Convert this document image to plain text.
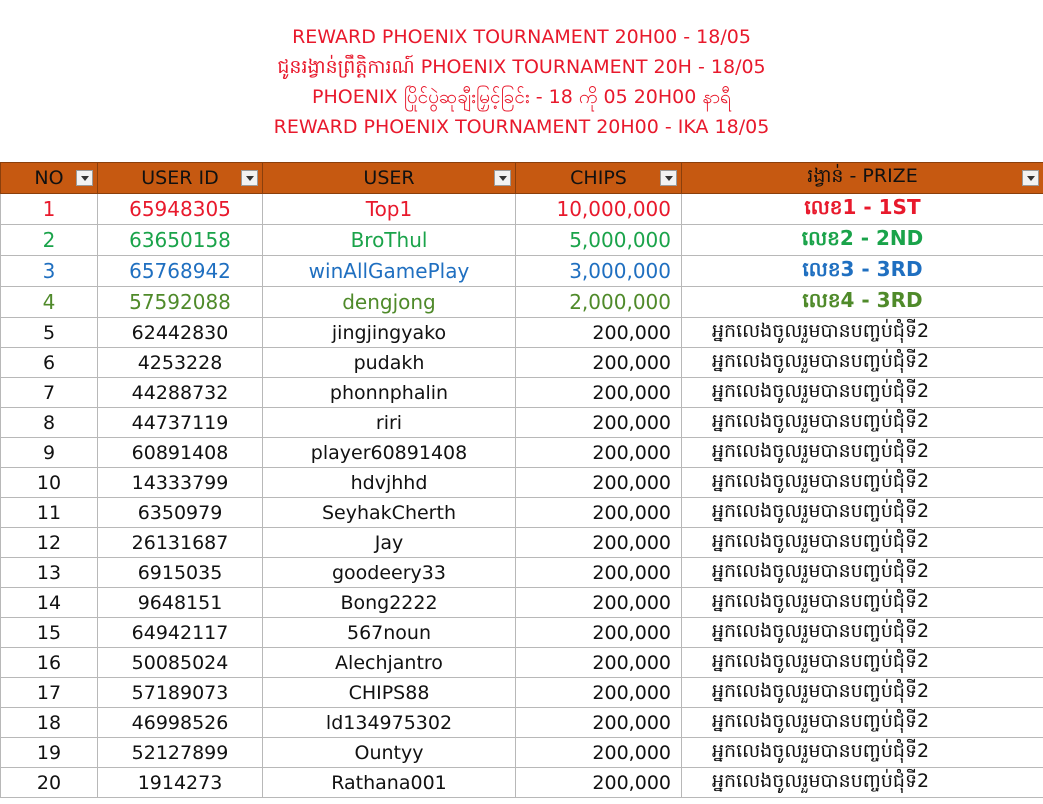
REWARD PHOENIX TOURNAMENT 20H00 - 18/05
ជូនរង្វាន់ព្រឹត្តិការណ៍ PHOENIX TOURNAMENT 20H - 18/05
PHOENIX ပြိုင်ပွဲဆုချီးမြှင့်ခြင်း - 18 ကို 05 20H00 နာရီ
REWARD PHOENIX TOURNAMENT 20H00 - IKA 18/05
NO	USER ID	USER	CHIPS	រង្វាន់ - PRIZE

1	65948305	Top1	10,000,000	លេខ1 - 1ST
2	63650158	BroThul	5,000,000	លេខ2 - 2ND
3	65768942	winAllGamePlay	3,000,000	លេខ3 - 3RD
4	57592088	dengjong	2,000,000	លេខ4 - 3RD
5	62442830	jingjingyako	200,000	អ្នកលេងចូលរួមបានបញ្ចប់ជុំទី2
6	4253228	pudakh	200,000	អ្នកលេងចូលរួមបានបញ្ចប់ជុំទី2
7	44288732	phonnphalin	200,000	អ្នកលេងចូលរួមបានបញ្ចប់ជុំទី2
8	44737119	riri	200,000	អ្នកលេងចូលរួមបានបញ្ចប់ជុំទី2
9	60891408	player60891408	200,000	អ្នកលេងចូលរួមបានបញ្ចប់ជុំទី2
10	14333799	hdvjhhd	200,000	អ្នកលេងចូលរួមបានបញ្ចប់ជុំទី2
11	6350979	SeyhakCherth	200,000	អ្នកលេងចូលរួមបានបញ្ចប់ជុំទី2
12	26131687	Jay	200,000	អ្នកលេងចូលរួមបានបញ្ចប់ជុំទី2
13	6915035	goodeery33	200,000	អ្នកលេងចូលរួមបានបញ្ចប់ជុំទី2
14	9648151	Bong2222	200,000	អ្នកលេងចូលរួមបានបញ្ចប់ជុំទី2
15	64942117	567noun	200,000	អ្នកលេងចូលរួមបានបញ្ចប់ជុំទី2
16	50085024	Alechjantro	200,000	អ្នកលេងចូលរួមបានបញ្ចប់ជុំទី2
17	57189073	CHIPS88	200,000	អ្នកលេងចូលរួមបានបញ្ចប់ជុំទី2
18	46998526	ld134975302	200,000	អ្នកលេងចូលរួមបានបញ្ចប់ជុំទី2
19	52127899	Ountyy	200,000	អ្នកលេងចូលរួមបានបញ្ចប់ជុំទី2
20	1914273	Rathana001	200,000	អ្នកលេងចូលរួមបានបញ្ចប់ជុំទី2
